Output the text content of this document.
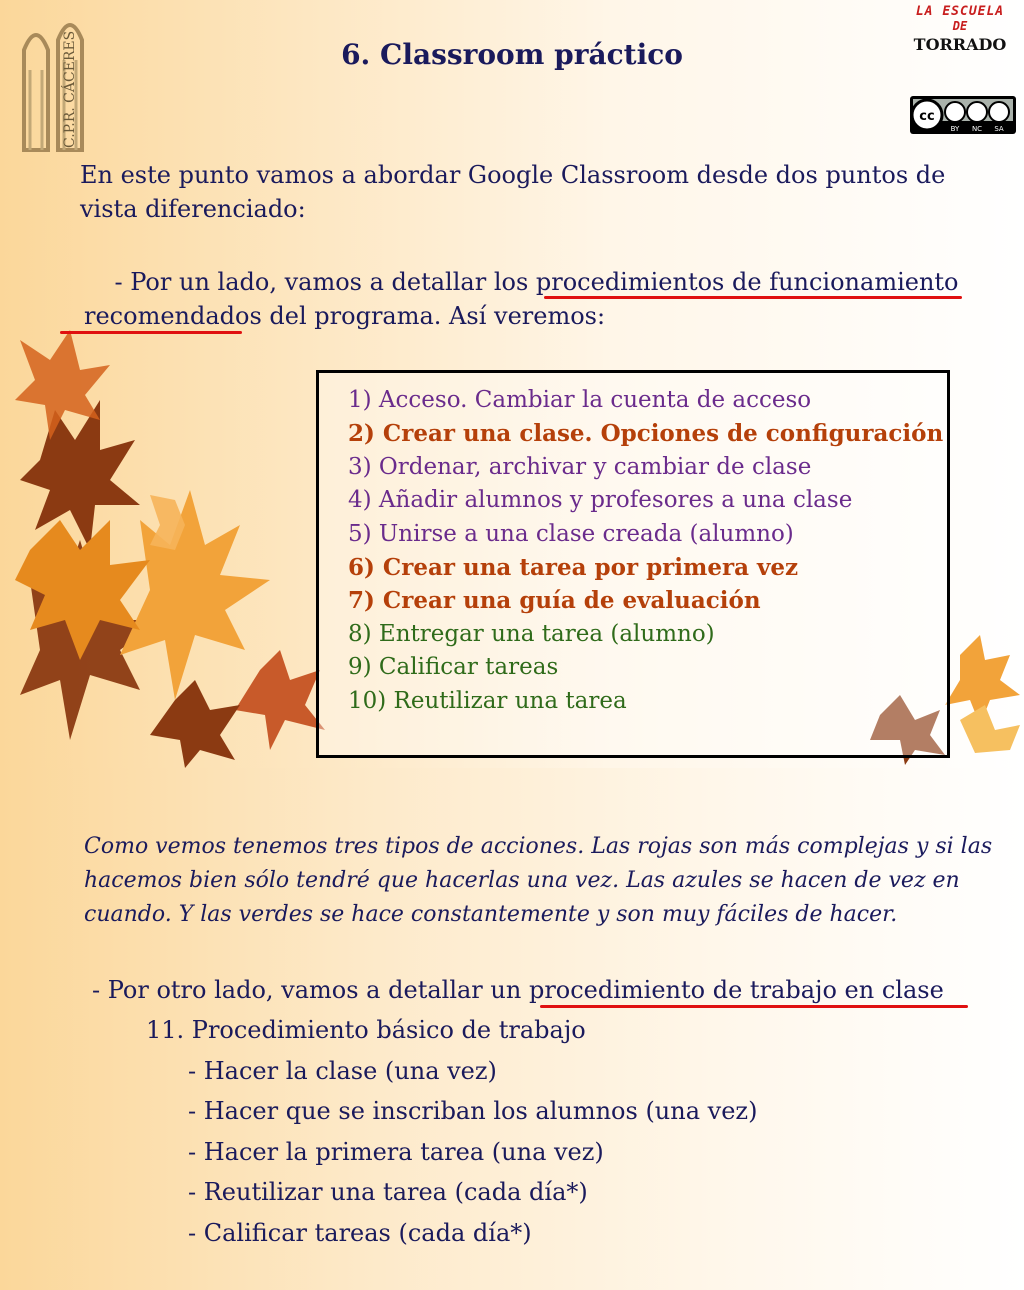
C.P.R. CÁCERES	6. Classroom práctico
LA ESCUELA
DE
TORRADO
cc
BY NC SA
En este punto vamos a abordar Google Classroom desde dos puntos de vista diferenciado:
- Por un lado, vamos a detallar los procedimientos de funcionamiento recomendados del programa. Así veremos:
1) Acceso. Cambiar la cuenta de acceso
2) Crear una clase. Opciones de configuración
3) Ordenar, archivar y cambiar de clase
4) Añadir alumnos y profesores a una clase
5) Unirse a una clase creada (alumno)
6) Crear una tarea por primera vez
7) Crear una guía de evaluación
8) Entregar una tarea (alumno)
9) Calificar tareas
10) Reutilizar una tarea
Como vemos tenemos tres tipos de acciones. Las rojas son más complejas y si las hacemos bien sólo tendré que hacerlas una vez. Las azules se hacen de vez en cuando. Y las verdes se hace constantemente y son muy fáciles de hacer.
- Por otro lado, vamos a detallar un procedimiento de trabajo en clase
11. Procedimiento básico de trabajo
- Hacer la clase (una vez)
- Hacer que se inscriban los alumnos (una vez)
- Hacer la primera tarea (una vez)
- Reutilizar una tarea (cada día*)
- Calificar tareas (cada día*)
